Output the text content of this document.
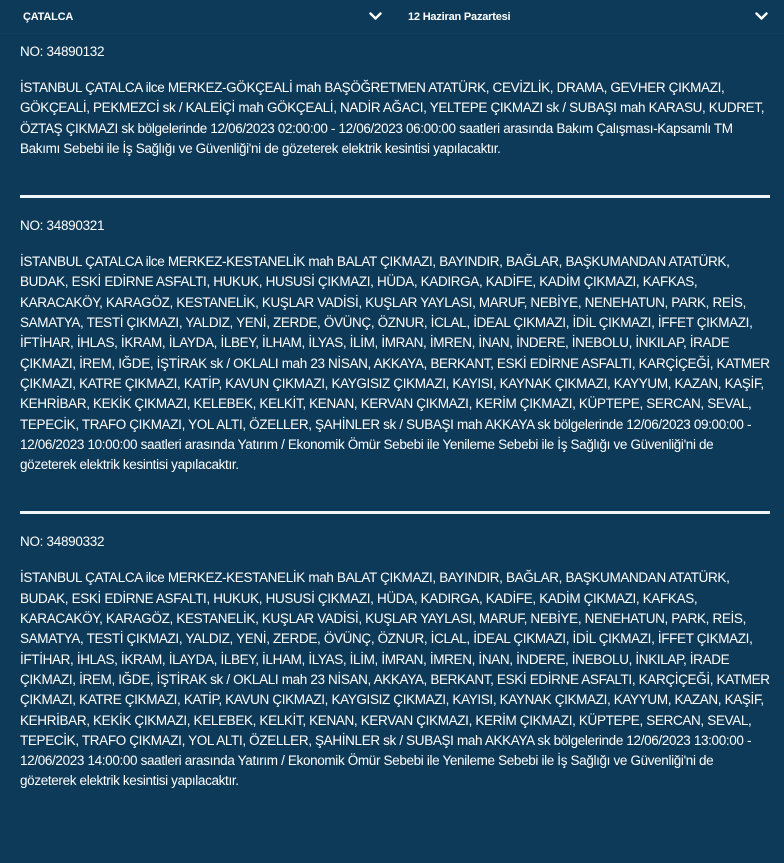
ÇATALCA	12 Haziran Pazartesi

NO: 34890132

İSTANBUL ÇATALCA ilce MERKEZ-GÖKÇEALİ mah BAŞÖĞRETMEN ATATÜRK, CEVİZLİK, DRAMA, GEVHER ÇIKMAZI, GÖKÇEALİ, PEKMEZCİ sk / KALEİÇİ mah GÖKÇEALİ, NADİR AĞACI, YELTEPE ÇIKMAZI sk / SUBAŞI mah KARASU, KUDRET, ÖZTAŞ ÇIKMAZI sk bölgelerinde 12/06/2023 02:00:00 - 12/06/2023 06:00:00 saatleri arasında Bakım Çalışması-Kapsamlı TM Bakımı Sebebi ile İş Sağlığı ve Güvenliği'ni de gözeterek elektrik kesintisi yapılacaktır.

NO: 34890321

İSTANBUL ÇATALCA ilce MERKEZ-KESTANELİK mah BALAT ÇIKMAZI, BAYINDIR, BAĞLAR, BAŞKUMANDAN ATATÜRK, BUDAK, ESKİ EDİRNE ASFALTI, HUKUK, HUSUSİ ÇIKMAZI, HÜDA, KADIRGA, KADİFE, KADİM ÇIKMAZI, KAFKAS, KARACAKÖY, KARAGÖZ, KESTANELİK, KUŞLAR VADİSİ, KUŞLAR YAYLASI, MARUF, NEBİYE, NENEHATUN, PARK, REİS, SAMATYA, TESTİ ÇIKMAZI, YALDIZ, YENİ, ZERDE, ÖVÜNÇ, ÖZNUR, İCLAL, İDEAL ÇIKMAZI, İDİL ÇIKMAZI, İFFET ÇIKMAZI, İFTİHAR, İHLAS, İKRAM, İLAYDA, İLBEY, İLHAM, İLYAS, İLİM, İMRAN, İMREN, İNAN, İNDERE, İNEBOLU, İNKILAP, İRADE ÇIKMAZI, İREM, IĞDE, İŞTİRAK sk / OKLALI mah 23 NİSAN, AKKAYA, BERKANT, ESKİ EDİRNE ASFALTI, KARÇİÇEĞİ, KATMER ÇIKMAZI, KATRE ÇIKMAZI, KATİP, KAVUN ÇIKMAZI, KAYGISIZ ÇIKMAZI, KAYISI, KAYNAK ÇIKMAZI, KAYYUM, KAZAN, KAŞİF, KEHRİBAR, KEKİK ÇIKMAZI, KELEBEK, KELKİT, KENAN, KERVAN ÇIKMAZI, KERİM ÇIKMAZI, KÜPTEPE, SERCAN, SEVAL, TEPECİK, TRAFO ÇIKMAZI, YOL ALTI, ÖZELLER, ŞAHİNLER sk / SUBAŞI mah AKKAYA sk bölgelerinde 12/06/2023 09:00:00 - 12/06/2023 10:00:00 saatleri arasında Yatırım / Ekonomik Ömür Sebebi ile Yenileme Sebebi ile İş Sağlığı ve Güvenliği'ni de gözeterek elektrik kesintisi yapılacaktır.

NO: 34890332

İSTANBUL ÇATALCA ilce MERKEZ-KESTANELİK mah BALAT ÇIKMAZI, BAYINDIR, BAĞLAR, BAŞKUMANDAN ATATÜRK, BUDAK, ESKİ EDİRNE ASFALTI, HUKUK, HUSUSİ ÇIKMAZI, HÜDA, KADIRGA, KADİFE, KADİM ÇIKMAZI, KAFKAS, KARACAKÖY, KARAGÖZ, KESTANELİK, KUŞLAR VADİSİ, KUŞLAR YAYLASI, MARUF, NEBİYE, NENEHATUN, PARK, REİS, SAMATYA, TESTİ ÇIKMAZI, YALDIZ, YENİ, ZERDE, ÖVÜNÇ, ÖZNUR, İCLAL, İDEAL ÇIKMAZI, İDİL ÇIKMAZI, İFFET ÇIKMAZI, İFTİHAR, İHLAS, İKRAM, İLAYDA, İLBEY, İLHAM, İLYAS, İLİM, İMRAN, İMREN, İNAN, İNDERE, İNEBOLU, İNKILAP, İRADE ÇIKMAZI, İREM, IĞDE, İŞTİRAK sk / OKLALI mah 23 NİSAN, AKKAYA, BERKANT, ESKİ EDİRNE ASFALTI, KARÇİÇEĞİ, KATMER ÇIKMAZI, KATRE ÇIKMAZI, KATİP, KAVUN ÇIKMAZI, KAYGISIZ ÇIKMAZI, KAYISI, KAYNAK ÇIKMAZI, KAYYUM, KAZAN, KAŞİF, KEHRİBAR, KEKİK ÇIKMAZI, KELEBEK, KELKİT, KENAN, KERVAN ÇIKMAZI, KERİM ÇIKMAZI, KÜPTEPE, SERCAN, SEVAL, TEPECİK, TRAFO ÇIKMAZI, YOL ALTI, ÖZELLER, ŞAHİNLER sk / SUBAŞI mah AKKAYA sk bölgelerinde 12/06/2023 13:00:00 - 12/06/2023 14:00:00 saatleri arasında Yatırım / Ekonomik Ömür Sebebi ile Yenileme Sebebi ile İş Sağlığı ve Güvenliği'ni de gözeterek elektrik kesintisi yapılacaktır.
